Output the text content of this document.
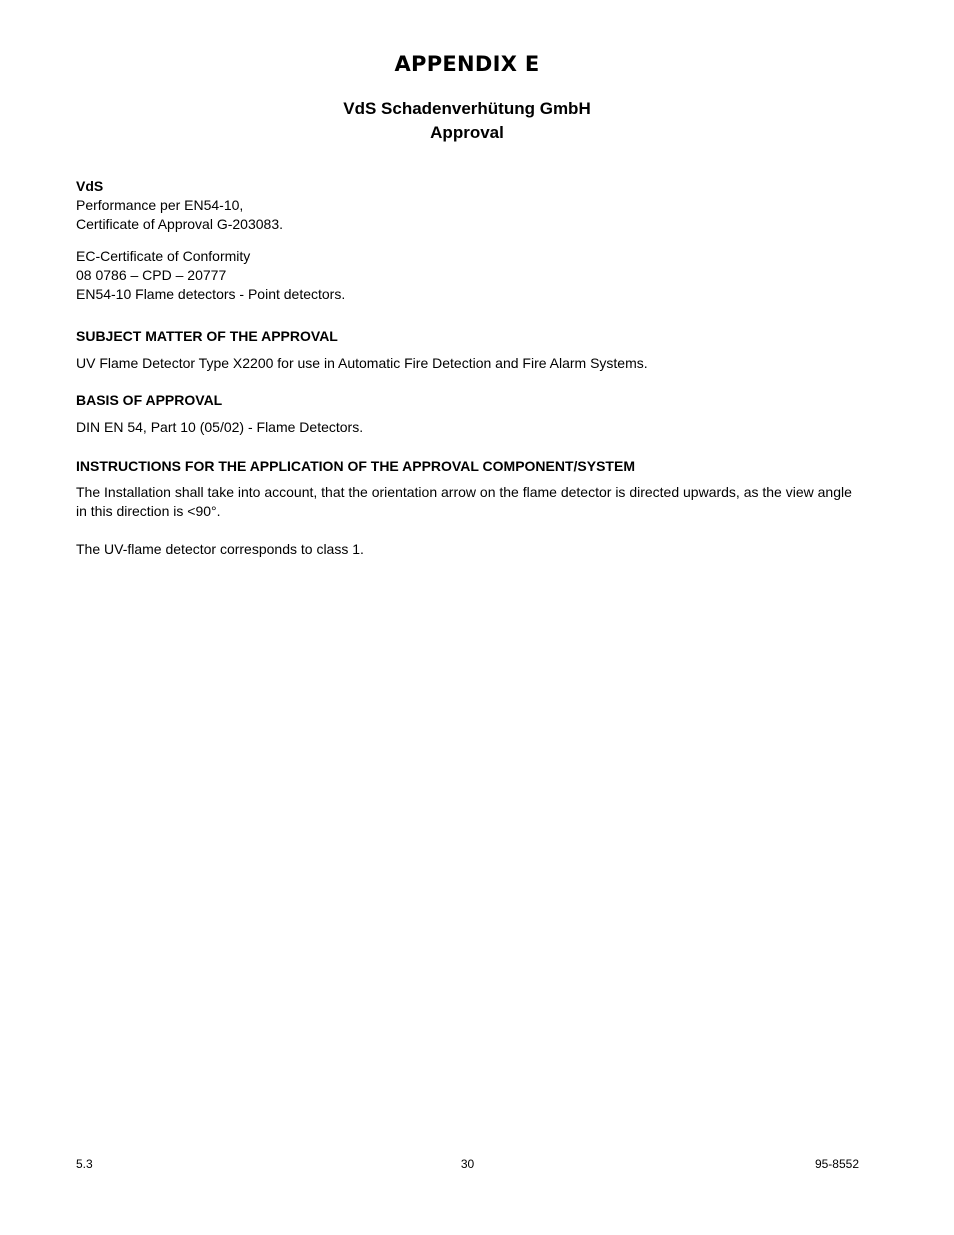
APPENDIX E
VdS Schadenverhütung GmbH
Approval

VdS

Performance per EN54-10,

Certificate of Approval G-203083.

EC-Certificate of Conformity

08 0786 – CPD – 20777

EN54-10 Flame detectors - Point detectors.

SUBJECT MATTER OF THE APPROVAL

UV Flame Detector Type X2200 for use in Automatic Fire Detection and Fire Alarm Systems.

BASIS OF APPROVAL

DIN EN 54, Part 10 (05/02) - Flame Detectors.

INSTRUCTIONS FOR THE APPLICATION OF THE APPROVAL COMPONENT/SYSTEM

The Installation shall take into account, that the orientation arrow on the flame detector is directed upwards, as the view angle in this direction is <90°.

The UV-flame detector corresponds to class 1.

5.3	30	95-8552
